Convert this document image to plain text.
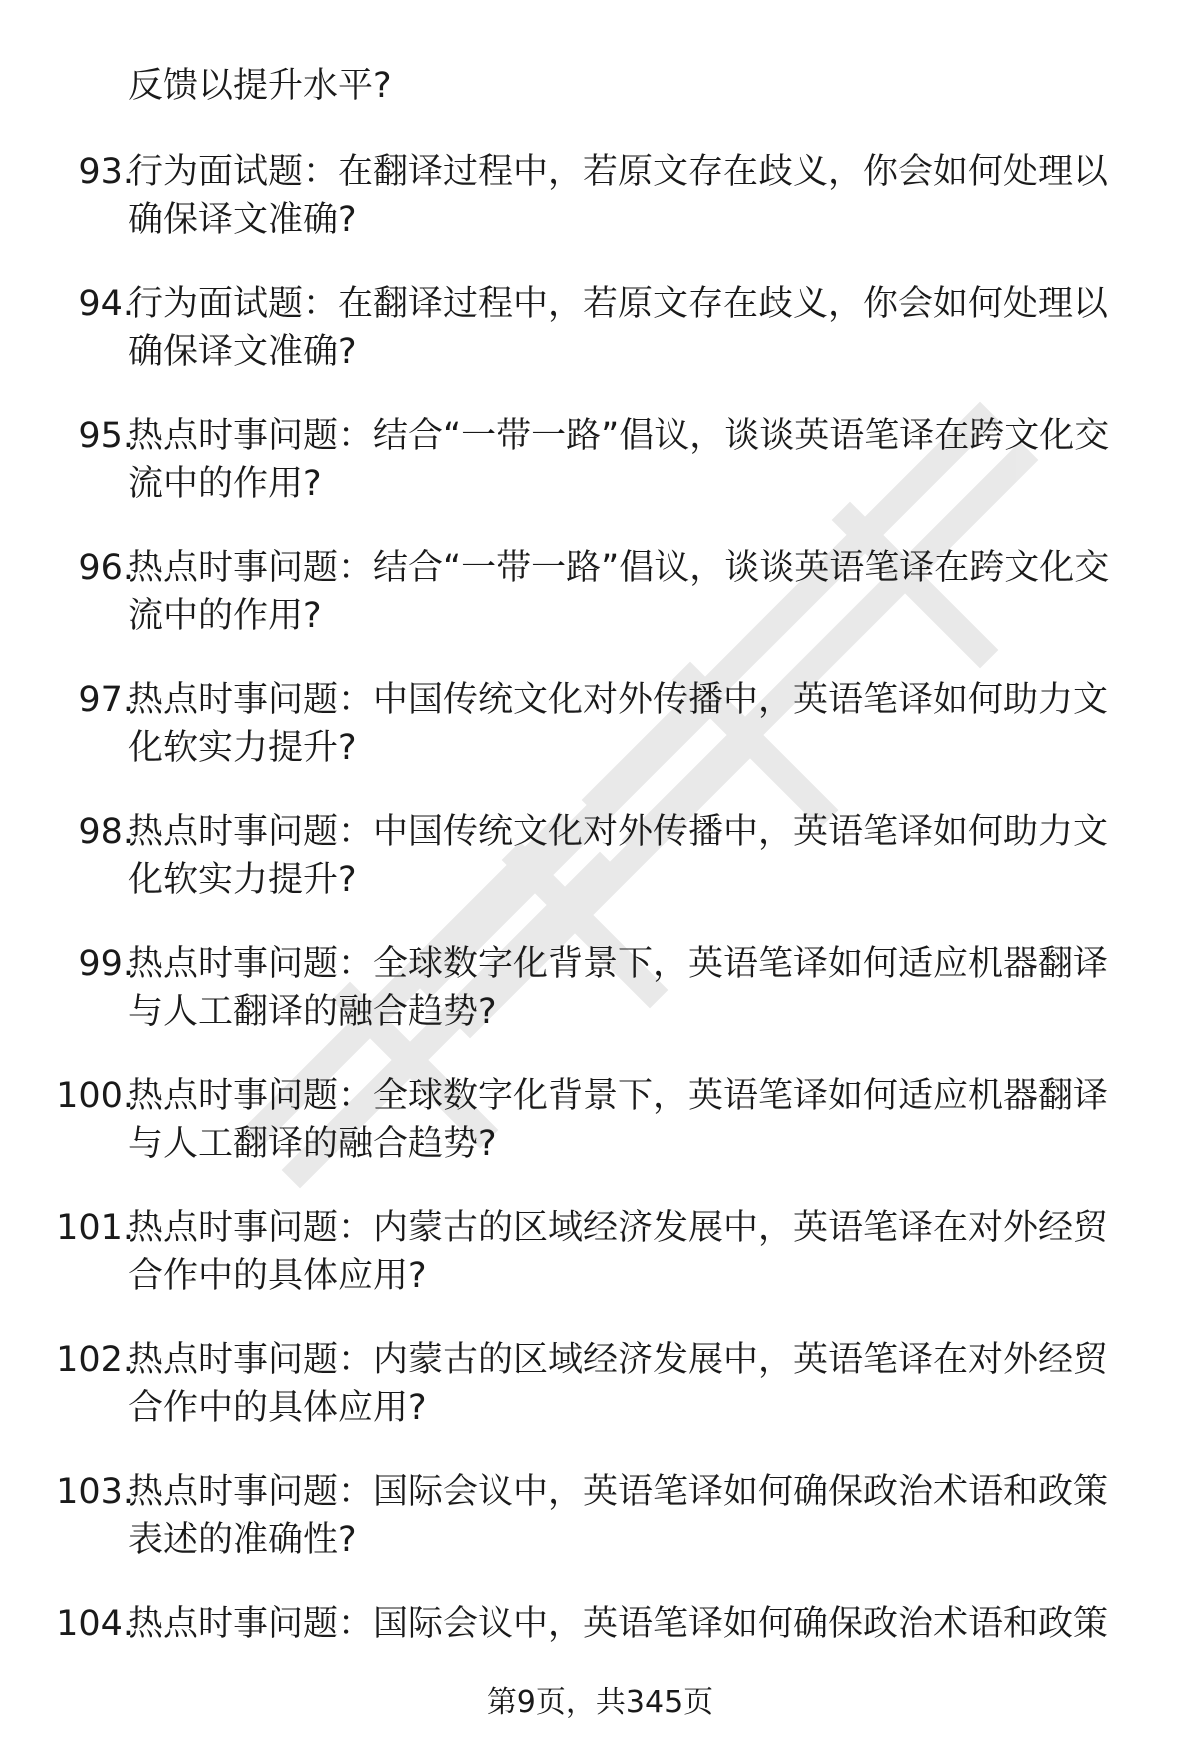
反馈以提升水平?
93.
行为面试题：在翻译过程中，若原文存在歧义，你会如何处理以确保译文准确?
94.
行为面试题：在翻译过程中，若原文存在歧义，你会如何处理以确保译文准确?
95.
热点时事问题：结合“一带一路”倡议，谈谈英语笔译在跨文化交流中的作用?
96.
热点时事问题：结合“一带一路”倡议，谈谈英语笔译在跨文化交流中的作用?
97.
热点时事问题：中国传统文化对外传播中，英语笔译如何助力文化软实力提升?
98.
热点时事问题：中国传统文化对外传播中，英语笔译如何助力文化软实力提升?
99.
热点时事问题：全球数字化背景下，英语笔译如何适应机器翻译与人工翻译的融合趋势?
100.
热点时事问题：全球数字化背景下，英语笔译如何适应机器翻译与人工翻译的融合趋势?
101.
热点时事问题：内蒙古的区域经济发展中，英语笔译在对外经贸合作中的具体应用?
102.
热点时事问题：内蒙古的区域经济发展中，英语笔译在对外经贸合作中的具体应用?
103.
热点时事问题：国际会议中，英语笔译如何确保政治术语和政策表述的准确性?
104.
热点时事问题：国际会议中，英语笔译如何确保政治术语和政策
第9页，共345页
